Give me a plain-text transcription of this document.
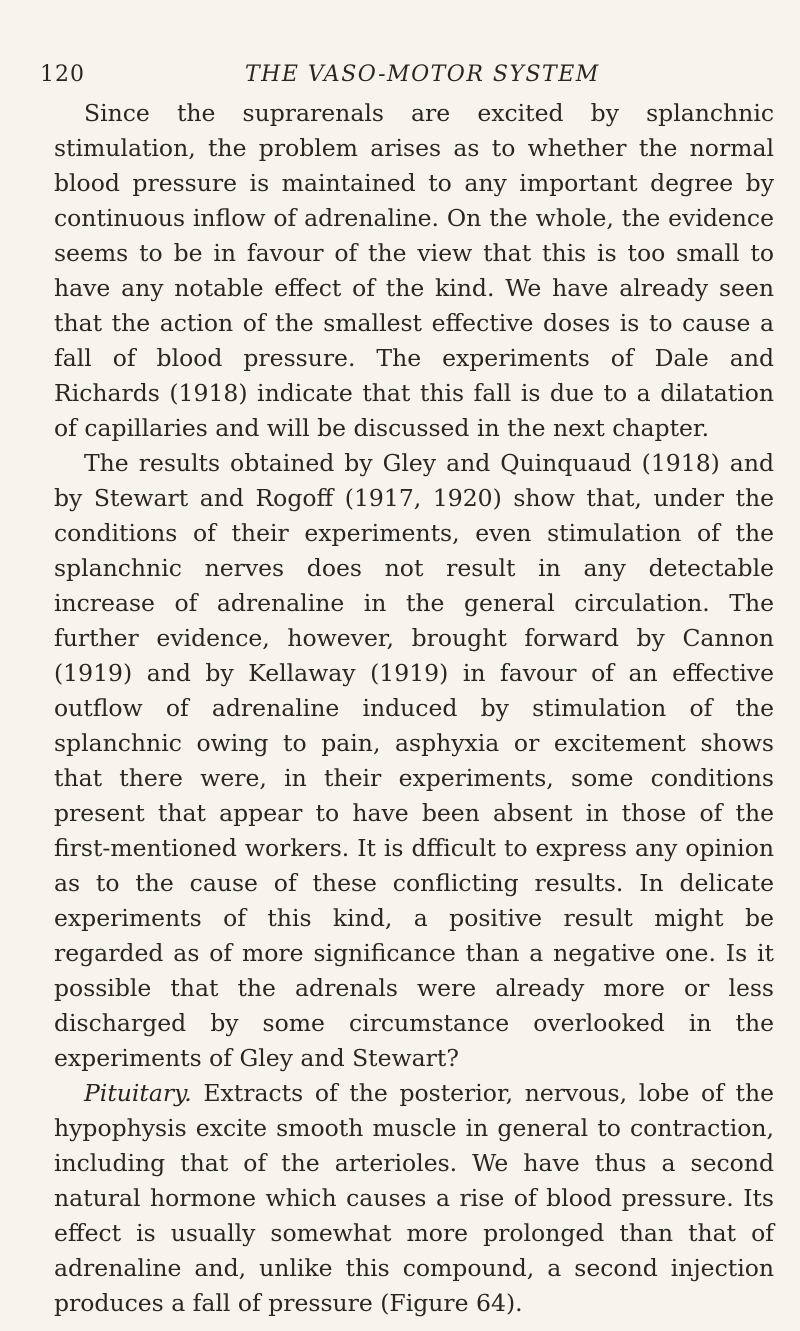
120	THE VASO-MOTOR SYSTEM

Since the suprarenals are excited by splanchnic stimulation, the problem arises as to whether the normal blood pressure is maintained to any important degree by continuous inflow of adrenaline. On the whole, the evidence seems to be in favour of the view that this is too small to have any notable effect of the kind. We have already seen that the action of the smallest effective doses is to cause a fall of blood pressure. The experiments of Dale and Richards (1918) indicate that this fall is due to a dilatation of capillaries and will be discussed in the next chapter.

The results obtained by Gley and Quinquaud (1918) and by Stewart and Rogoff (1917, 1920) show that, under the conditions of their experiments, even stimulation of the splanchnic nerves does not result in any detectable increase of adrenaline in the general circulation. The further evidence, however, brought forward by Cannon (1919) and by Kellaway (1919) in favour of an effective outflow of adrenaline induced by stimulation of the splanchnic owing to pain, asphyxia or excitement shows that there were, in their experiments, some conditions present that appear to have been absent in those of the first-mentioned workers. It is dfficult to express any opinion as to the cause of these conflicting results. In delicate experiments of this kind, a positive result might be regarded as of more significance than a negative one. Is it possible that the adrenals were already more or less discharged by some circumstance overlooked in the experiments of Gley and Stewart?

Pituitary. Extracts of the posterior, nervous, lobe of the hypophysis excite smooth muscle in general to contraction, including that of the arterioles. We have thus a second natural hormone which causes a rise of blood pressure. Its effect is usually somewhat more prolonged than that of adrenaline and, unlike this compound, a second injection produces a fall of pressure (Figure 64).
